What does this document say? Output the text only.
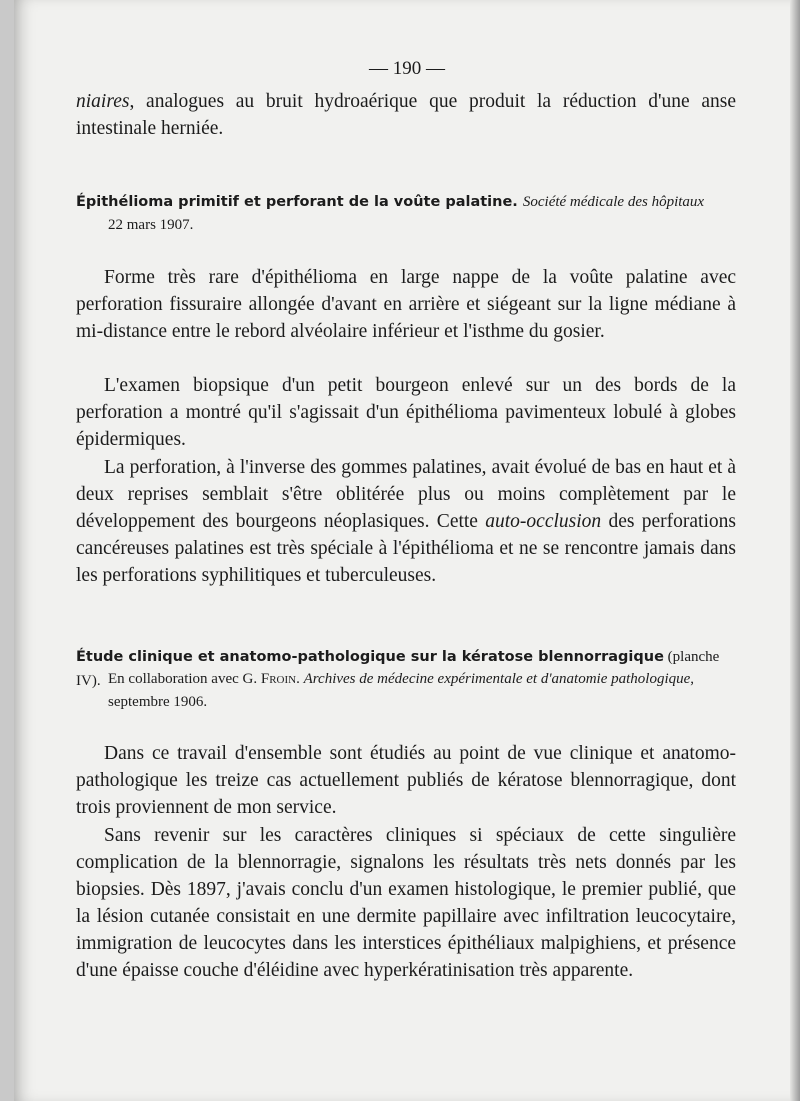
— 190 —

niaires, analogues au bruit hydroaérique que produit la réduction d'une anse intestinale herniée.

Épithélioma primitif et perforant de la voûte palatine. Société médicale des hôpitaux

22 mars 1907.

Forme très rare d'épithélioma en large nappe de la voûte palatine avec perforation fissuraire allongée d'avant en arrière et siégeant sur la ligne médiane à mi-distance entre le rebord alvéolaire inférieur et l'isthme du gosier.

L'examen biopsique d'un petit bourgeon enlevé sur un des bords de la perforation a montré qu'il s'agissait d'un épithélioma pavimenteux lobulé à globes épidermiques.

La perforation, à l'inverse des gommes palatines, avait évolué de bas en haut et à deux reprises semblait s'être oblitérée plus ou moins complètement par le développement des bourgeons néoplasiques. Cette auto-occlusion des perforations cancéreuses palatines est très spéciale à l'épithélioma et ne se rencontre jamais dans les perforations syphilitiques et tuberculeuses.

Étude clinique et anatomo-pathologique sur la kératose blennorragique (planche IV). En collaboration avec G. Froin. Archives de médecine expérimentale et d'anatomie pathologique, septembre 1906.

Dans ce travail d'ensemble sont étudiés au point de vue clinique et anatomo-pathologique les treize cas actuellement publiés de kératose blennorragique, dont trois proviennent de mon service.

Sans revenir sur les caractères cliniques si spéciaux de cette singulière complication de la blennorragie, signalons les résultats très nets donnés par les biopsies. Dès 1897, j'avais conclu d'un examen histologique, le premier publié, que la lésion cutanée consistait en une dermite papillaire avec infiltration leucocytaire, immigration de leucocytes dans les interstices épithéliaux malpighiens, et présence d'une épaisse couche d'éléidine avec hyperkératinisation très apparente.
